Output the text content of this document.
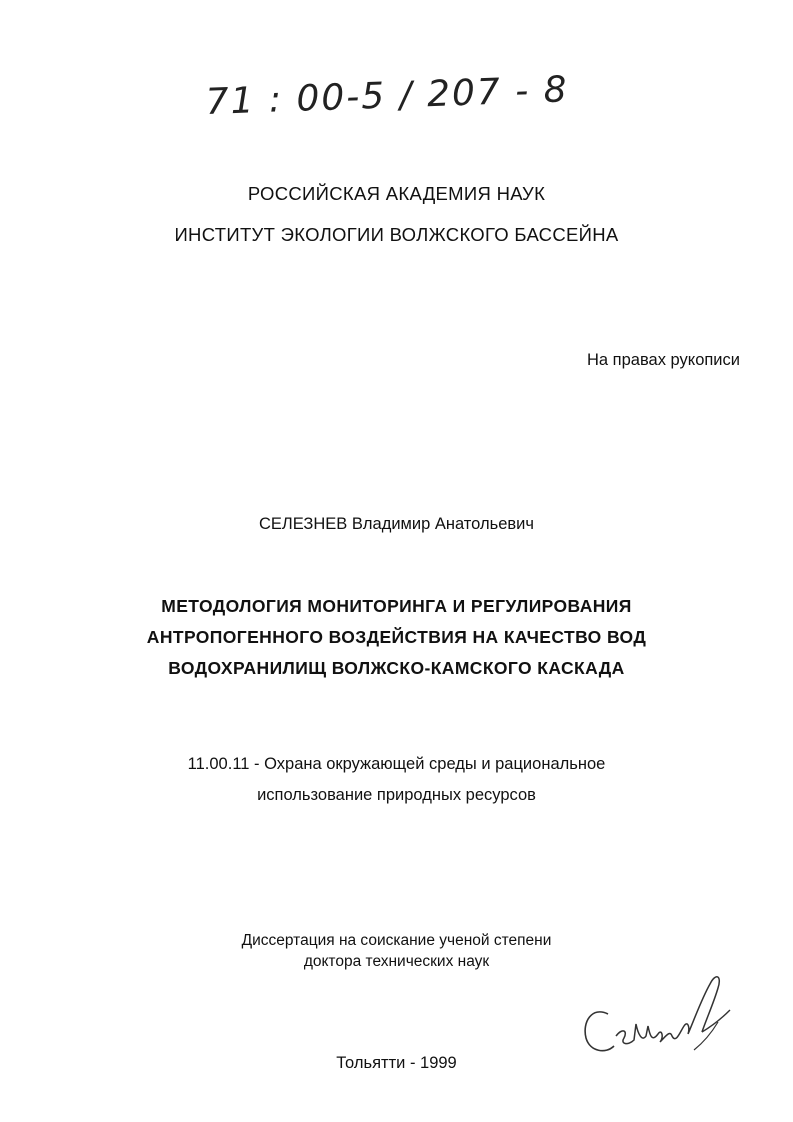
71 : 00-5 / 207 - 8
РОССИЙСКАЯ АКАДЕМИЯ НАУК
ИНСТИТУТ ЭКОЛОГИИ ВОЛЖСКОГО БАССЕЙНА
На правах рукописи
СЕЛЕЗНЕВ Владимир Анатольевич
МЕТОДОЛОГИЯ МОНИТОРИНГА И РЕГУЛИРОВАНИЯ
АНТРОПОГЕННОГО ВОЗДЕЙСТВИЯ НА КАЧЕСТВО ВОД
ВОДОХРАНИЛИЩ ВОЛЖСКО-КАМСКОГО КАСКАДА
11.00.11 - Охрана окружающей среды и рациональное
использование природных ресурсов
Диссертация на соискание ученой степени
доктора технических наук
Тольятти - 1999
